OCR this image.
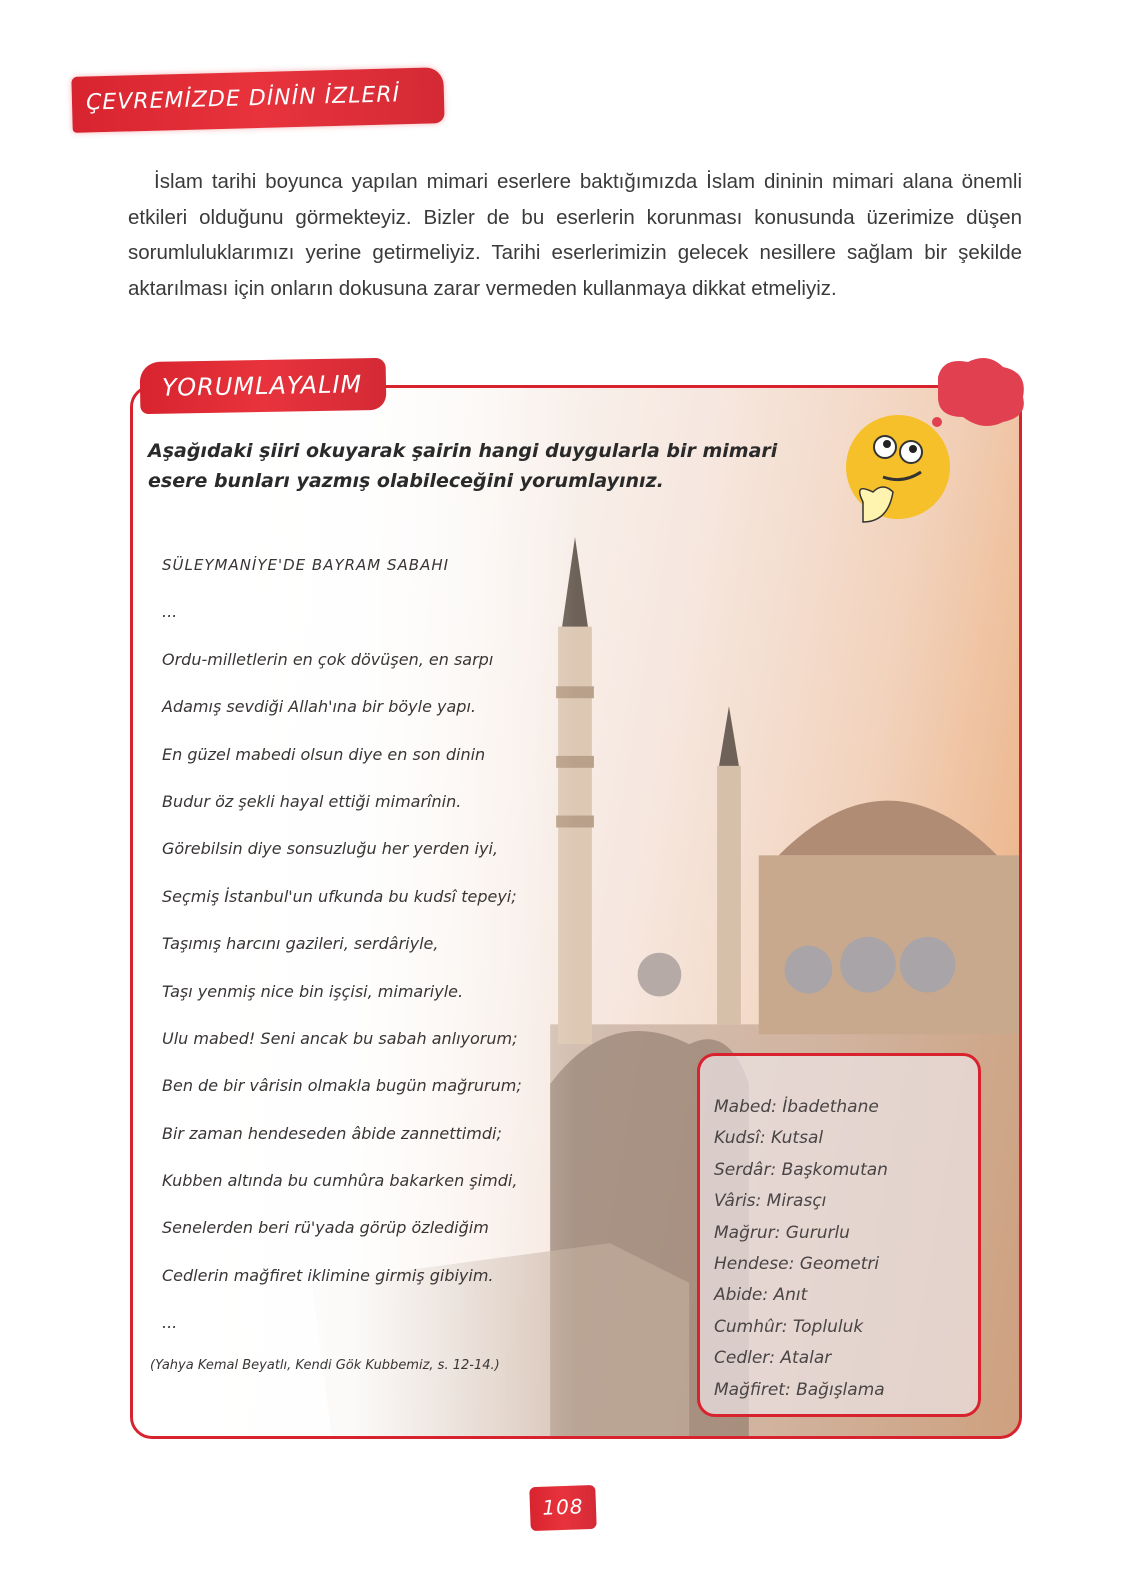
ÇEVREMİZDE DİNİN İZLERİ

İslam tarihi boyunca yapılan mimari eserlere baktığımızda İslam dininin mimari alana önemli etkileri olduğunu görmekteyiz. Bizler de bu eserlerin korunması konusunda üzerimize düşen sorumluluklarımızı yerine getirmeliyiz. Tarihi eserlerimizin gelecek nesillere sağlam bir şekilde aktarılması için onların dokusuna zarar vermeden kullanmaya dikkat etmeliyiz.

YORUMLAYALIM
Aşağıdaki şiiri okuyarak şairin hangi duygularla bir mimari
esere bunları yazmış olabileceğini yorumlayınız.
SÜLEYMANİYE'DE BAYRAM SABAHI
...
Ordu-milletlerin en çok dövüşen, en sarpı
Adamış sevdiği Allah'ına bir böyle yapı.
En güzel mabedi olsun diye en son dinin
Budur öz şekli hayal ettiği mimarînin.
Görebilsin diye sonsuzluğu her yerden iyi,
Seçmiş İstanbul'un ufkunda bu kudsî tepeyi;
Taşımış harcını gazileri, serdâriyle,
Taşı yenmiş nice bin işçisi, mimariyle.
Ulu mabed! Seni ancak bu sabah anlıyorum;
Ben de bir vârisin olmakla bugün mağrurum;
Bir zaman hendeseden âbide zannettimdi;
Kubben altında bu cumhûra bakarken şimdi,
Senelerden beri rü'yada görüp özlediğim
Cedlerin mağfiret iklimine girmiş gibiyim.
...
(Yahya Kemal Beyatlı, Kendi Gök Kubbemiz, s. 12-14.)
Mabed: İbadethane
Kudsî: Kutsal
Serdâr: Başkomutan
Vâris: Mirasçı
Mağrur: Gururlu
Hendese: Geometri
Abide: Anıt
Cumhûr: Topluluk
Cedler: Atalar
Mağfiret: Bağışlama
108
